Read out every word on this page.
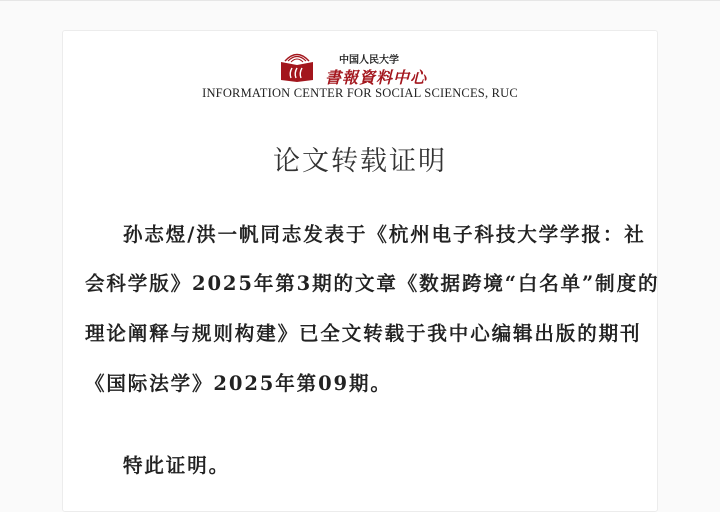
中国人民大学
書報資料中心
INFORMATION CENTER FOR SOCIAL SCIENCES, RUC
论文转载证明
孙志煜/洪一帆同志发表于《杭州电子科技大学学报：社
会科学版》2025年第3期的文章《数据跨境“白名单”制度的
理论阐释与规则构建》已全文转载于我中心编辑出版的期刊
《国际法学》2025年第09期。
特此证明。
